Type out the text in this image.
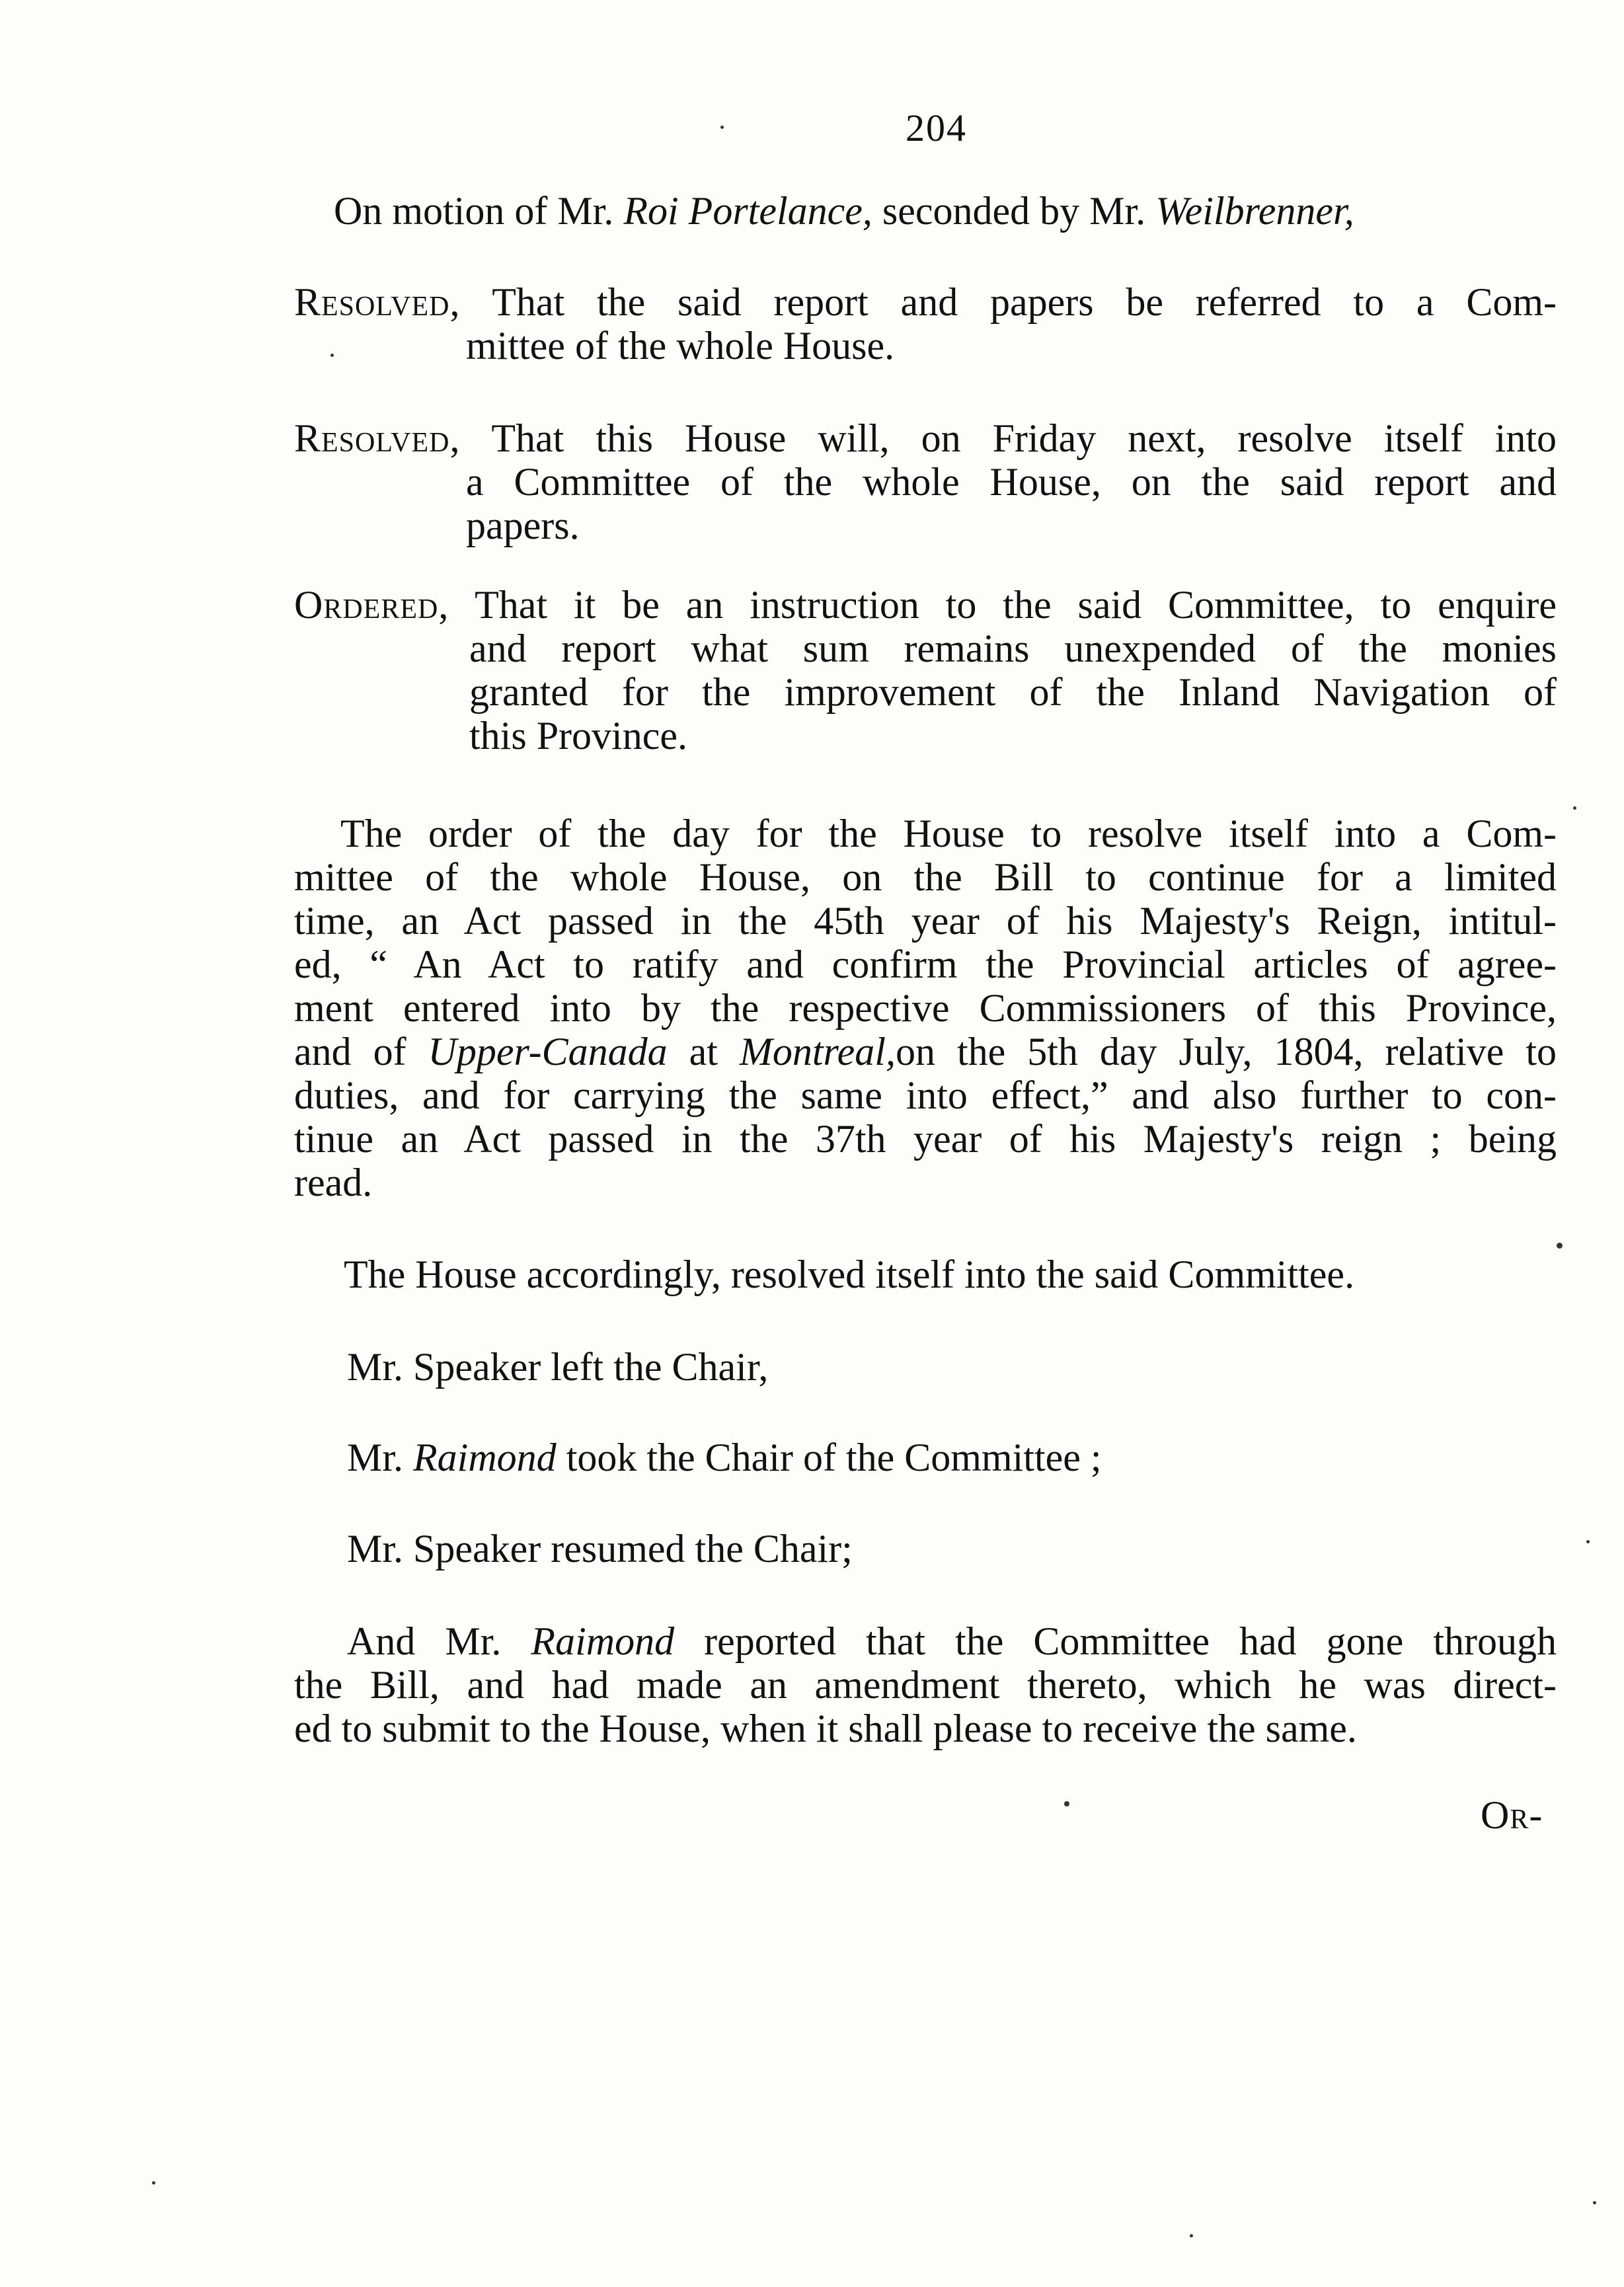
204
On motion of Mr. Roi Portelance, seconded by Mr. Weilbrenner,
Resolved, That the said report and papers be referred to a Com-
mittee of the whole House.
Resolved, That this House will, on Friday next, resolve itself into
a Committee of the whole House, on the said report and
papers.
Ordered, That it be an instruction to the said Committee, to enquire
and report what sum remains unexpended of the monies
granted for the improvement of the Inland Navigation of
this Province.
The order of the day for the House to resolve itself into a Com-
mittee of the whole House, on the Bill to continue for a limited
time, an Act passed in the 45th year of his Majesty's Reign, intitul-
ed, “ An Act to ratify and confirm the Provincial articles of agree-
ment entered into by the respective Commissioners of this Province,
and of Upper-Canada at Montreal,on the 5th day July, 1804, relative to
duties, and for carrying the same into effect,” and also further to con-
tinue an Act passed in the 37th year of his Majesty's reign ; being
read.
The House accordingly, resolved itself into the said Committee.
Mr. Speaker left the Chair,
Mr. Raimond took the Chair of the Committee ;
Mr. Speaker resumed the Chair;
And Mr. Raimond reported that the Committee had gone through
the Bill, and had made an amendment thereto, which he was direct-
ed to submit to the House, when it shall please to receive the same.
Or-
